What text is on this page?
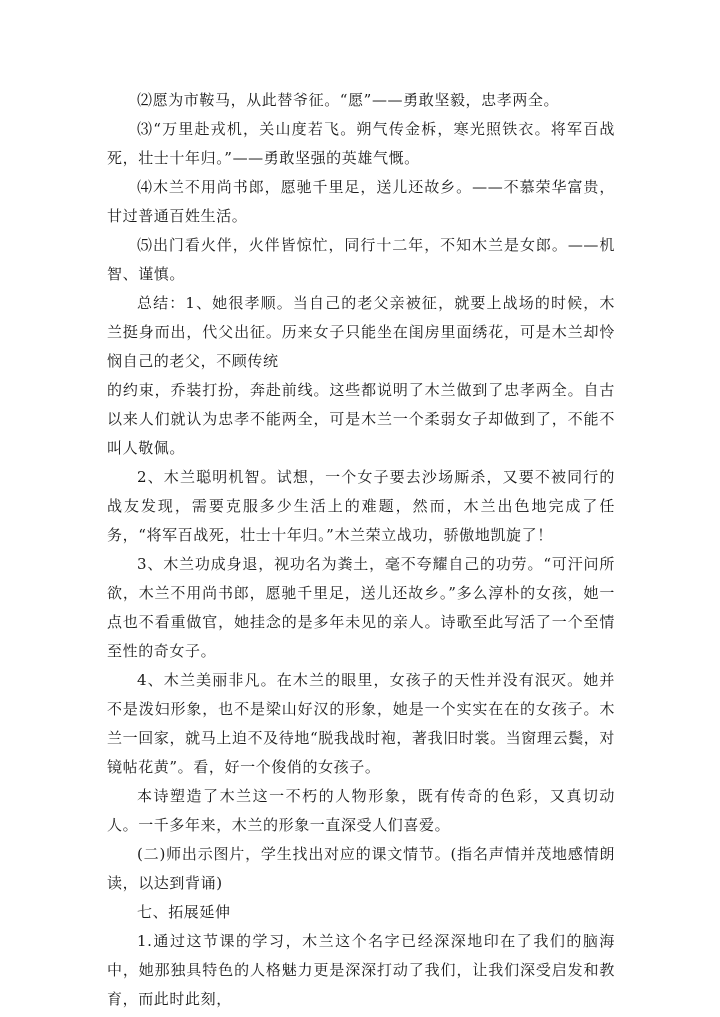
⑵愿为市鞍马，从此替爷征。“愿”——勇敢坚毅，忠孝两全。

⑶“万里赴戎机，关山度若飞。朔气传金柝，寒光照铁衣。将军百战死，壮士十年归。”——勇敢坚强的英雄气慨。

⑷木兰不用尚书郎，愿驰千里足，送儿还故乡。——不慕荣华富贵，甘过普通百姓生活。

⑸出门看火伴，火伴皆惊忙，同行十二年，不知木兰是女郎。——机智、谨慎。

总结：1、她很孝顺。当自己的老父亲被征，就要上战场的时候，木兰挺身而出，代父出征。历来女子只能坐在闺房里面绣花，可是木兰却怜悯自己的老父，不顾传统

的约束，乔装打扮，奔赴前线。这些都说明了木兰做到了忠孝两全。自古以来人们就认为忠孝不能两全，可是木兰一个柔弱女子却做到了，不能不叫人敬佩。

2、木兰聪明机智。试想，一个女子要去沙场厮杀，又要不被同行的战友发现，需要克服多少生活上的难题，然而，木兰出色地完成了任务，“将军百战死，壮士十年归。”木兰荣立战功，骄傲地凯旋了！

3、木兰功成身退，视功名为粪土，毫不夸耀自己的功劳。“可汗问所欲，木兰不用尚书郎，愿驰千里足，送儿还故乡。”多么淳朴的女孩，她一点也不看重做官，她挂念的是多年未见的亲人。诗歌至此写活了一个至情至性的奇女子。

4、木兰美丽非凡。在木兰的眼里，女孩子的天性并没有泯灭。她并不是泼妇形象，也不是梁山好汉的形象，她是一个实实在在的女孩子。木兰一回家，就马上迫不及待地“脱我战时袍，著我旧时裳。当窗理云鬓，对镜帖花黄”。看，好一个俊俏的女孩子。

本诗塑造了木兰这一不朽的人物形象，既有传奇的色彩，又真切动人。一千多年来，木兰的形象一直深受人们喜爱。

(二)师出示图片，学生找出对应的课文情节。(指名声情并茂地感情朗读，以达到背诵)

七、拓展延伸

1.通过这节课的学习，木兰这个名字已经深深地印在了我们的脑海中，她那独具特色的人格魅力更是深深打动了我们，让我们深受启发和教育，而此时此刻，
